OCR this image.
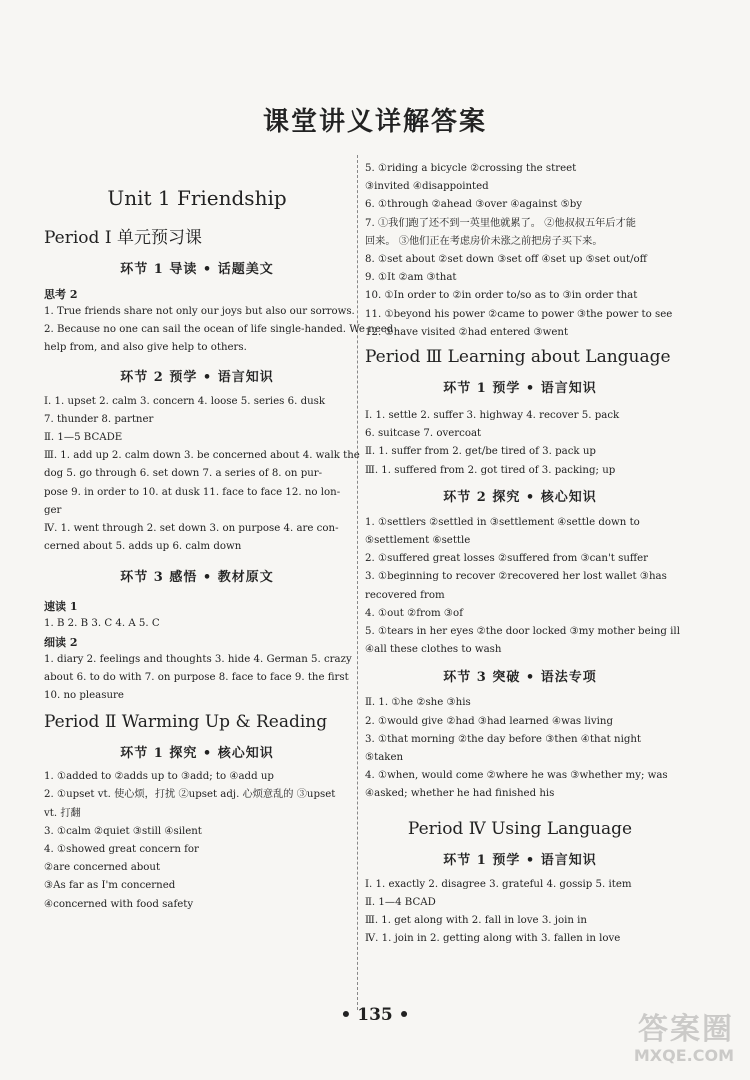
课堂讲义详解答案
Unit 1 Friendship
Period Ⅰ 单元预习课
环节 1 导读 • 话题美文
思考 2
1. True friends share not only our joys but also our sorrows.
2. Because no one can sail the ocean of life single-handed. We need
help from, and also give help to others.
环节 2 预学 • 语言知识
Ⅰ. 1. upset 2. calm 3. concern 4. loose 5. series 6. dusk
7. thunder 8. partner
Ⅱ. 1—5 BCADE
Ⅲ. 1. add up 2. calm down 3. be concerned about 4. walk the
dog 5. go through 6. set down 7. a series of 8. on pur-
pose 9. in order to 10. at dusk 11. face to face 12. no lon-
ger
Ⅳ. 1. went through 2. set down 3. on purpose 4. are con-
cerned about 5. adds up 6. calm down
环节 3 感悟 • 教材原文
速读 1
1. B 2. B 3. C 4. A 5. C
细读 2
1. diary 2. feelings and thoughts 3. hide 4. German 5. crazy
about 6. to do with 7. on purpose 8. face to face 9. the first
10. no pleasure
Period Ⅱ Warming Up & Reading
环节 1 探究 • 核心知识
1. ①added to ②adds up to ③add; to ④add up
2. ①upset vt. 使心烦，打扰 ②upset adj. 心烦意乱的 ③upset
vt. 打翻
3. ①calm ②quiet ③still ④silent
4. ①showed great concern for
②are concerned about
③As far as I'm concerned
④concerned with food safety
5. ①riding a bicycle ②crossing the street
③invited ④disappointed
6. ①through ②ahead ③over ④against ⑤by
7. ①我们跑了还不到一英里他就累了。 ②他叔叔五年后才能
回来。 ③他们正在考虑房价未涨之前把房子买下来。
8. ①set about ②set down ③set off ④set up ⑤set out/off
9. ①It ②am ③that
10. ①In order to ②in order to/so as to ③in order that
11. ①beyond his power ②came to power ③the power to see
12. ①have visited ②had entered ③went
Period Ⅲ Learning about Language
环节 1 预学 • 语言知识
Ⅰ. 1. settle 2. suffer 3. highway 4. recover 5. pack
6. suitcase 7. overcoat
Ⅱ. 1. suffer from 2. get/be tired of 3. pack up
Ⅲ. 1. suffered from 2. got tired of 3. packing; up
环节 2 探究 • 核心知识
1. ①settlers ②settled in ③settlement ④settle down to
⑤settlement ⑥settle
2. ①suffered great losses ②suffered from ③can't suffer
3. ①beginning to recover ②recovered her lost wallet ③has
recovered from
4. ①out ②from ③of
5. ①tears in her eyes ②the door locked ③my mother being ill
④all these clothes to wash
环节 3 突破 • 语法专项
Ⅱ. 1. ①he ②she ③his
2. ①would give ②had ③had learned ④was living
3. ①that morning ②the day before ③then ④that night
⑤taken
4. ①when, would come ②where he was ③whether my; was
④asked; whether he had finished his
Period Ⅳ Using Language
环节 1 预学 • 语言知识
Ⅰ. 1. exactly 2. disagree 3. grateful 4. gossip 5. item
Ⅱ. 1—4 BCAD
Ⅲ. 1. get along with 2. fall in love 3. join in
Ⅳ. 1. join in 2. getting along with 3. fallen in love
• 135 •	答案圈
MXQE.COM
